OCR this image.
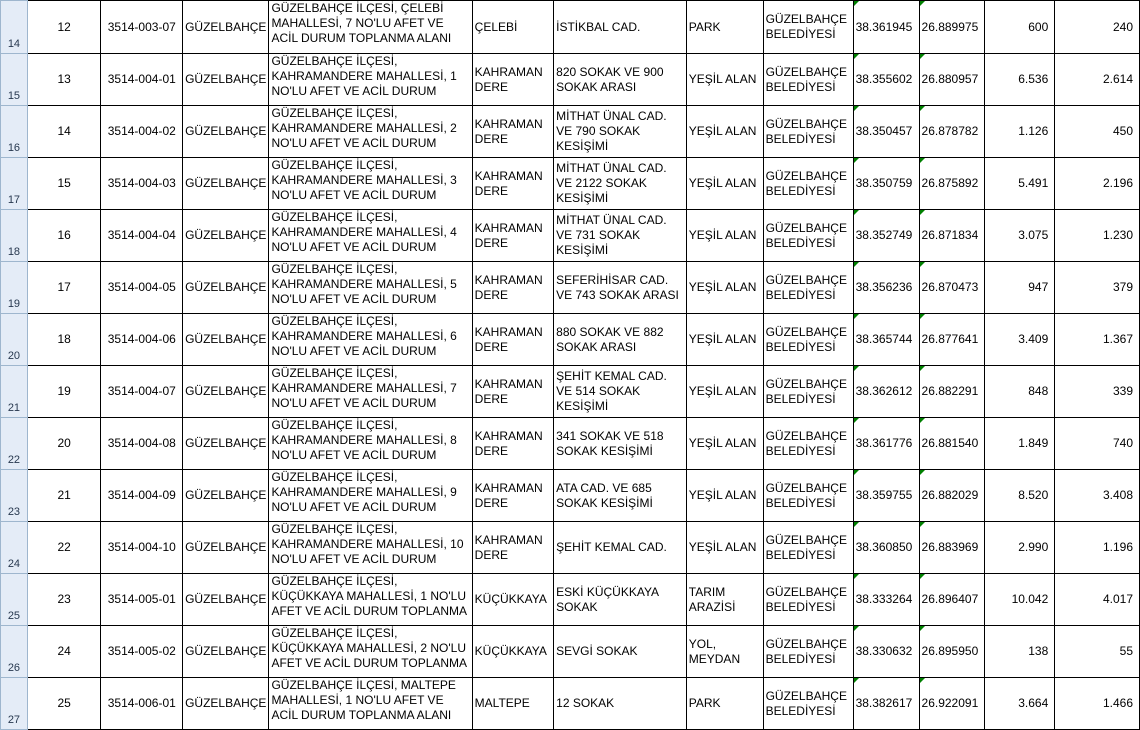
14	12	3514-003-07	GÜZELBAHÇE	GÜZELBAHÇE İLÇESİ, ÇELEBİ MAHALLESİ, 7 NO'LU AFET VE ACİL DURUM TOPLANMA ALANI	ÇELEBİ	İSTİKBAL CAD.	PARK	GÜZELBAHÇE BELEDİYESİ	38.361945	26.889975	600	240
15	13	3514-004-01	GÜZELBAHÇE	GÜZELBAHÇE İLÇESİ, KAHRAMANDERE MAHALLESİ, 1 NO'LU AFET VE ACİL DURUM	KAHRAMANDERE	820 SOKAK VE 900 SOKAK ARASI	YEŞİL ALAN	GÜZELBAHÇE BELEDİYESİ	38.355602	26.880957	6.536	2.614
16	14	3514-004-02	GÜZELBAHÇE	GÜZELBAHÇE İLÇESİ, KAHRAMANDERE MAHALLESİ, 2 NO'LU AFET VE ACİL DURUM	KAHRAMANDERE	MİTHAT ÜNAL CAD. VE 790 SOKAK KESİŞİMİ	YEŞİL ALAN	GÜZELBAHÇE BELEDİYESİ	38.350457	26.878782	1.126	450
17	15	3514-004-03	GÜZELBAHÇE	GÜZELBAHÇE İLÇESİ, KAHRAMANDERE MAHALLESİ, 3 NO'LU AFET VE ACİL DURUM	KAHRAMANDERE	MİTHAT ÜNAL CAD. VE 2122 SOKAK KESİŞİMİ	YEŞİL ALAN	GÜZELBAHÇE BELEDİYESİ	38.350759	26.875892	5.491	2.196
18	16	3514-004-04	GÜZELBAHÇE	GÜZELBAHÇE İLÇESİ, KAHRAMANDERE MAHALLESİ, 4 NO'LU AFET VE ACİL DURUM	KAHRAMANDERE	MİTHAT ÜNAL CAD. VE 731 SOKAK KESİŞİMİ	YEŞİL ALAN	GÜZELBAHÇE BELEDİYESİ	38.352749	26.871834	3.075	1.230
19	17	3514-004-05	GÜZELBAHÇE	GÜZELBAHÇE İLÇESİ, KAHRAMANDERE MAHALLESİ, 5 NO'LU AFET VE ACİL DURUM	KAHRAMANDERE	SEFERİHİSAR CAD. VE 743 SOKAK ARASI	YEŞİL ALAN	GÜZELBAHÇE BELEDİYESİ	38.356236	26.870473	947	379
20	18	3514-004-06	GÜZELBAHÇE	GÜZELBAHÇE İLÇESİ, KAHRAMANDERE MAHALLESİ, 6 NO'LU AFET VE ACİL DURUM	KAHRAMANDERE	880 SOKAK VE 882 SOKAK ARASI	YEŞİL ALAN	GÜZELBAHÇE BELEDİYESİ	38.365744	26.877641	3.409	1.367
21	19	3514-004-07	GÜZELBAHÇE	GÜZELBAHÇE İLÇESİ, KAHRAMANDERE MAHALLESİ, 7 NO'LU AFET VE ACİL DURUM	KAHRAMANDERE	ŞEHİT KEMAL CAD. VE 514 SOKAK KESİŞİMİ	YEŞİL ALAN	GÜZELBAHÇE BELEDİYESİ	38.362612	26.882291	848	339
22	20	3514-004-08	GÜZELBAHÇE	GÜZELBAHÇE İLÇESİ, KAHRAMANDERE MAHALLESİ, 8 NO'LU AFET VE ACİL DURUM	KAHRAMANDERE	341 SOKAK VE 518 SOKAK KESİŞİMİ	YEŞİL ALAN	GÜZELBAHÇE BELEDİYESİ	38.361776	26.881540	1.849	740
23	21	3514-004-09	GÜZELBAHÇE	GÜZELBAHÇE İLÇESİ, KAHRAMANDERE MAHALLESİ, 9 NO'LU AFET VE ACİL DURUM	KAHRAMANDERE	ATA CAD. VE 685 SOKAK KESİŞİMİ	YEŞİL ALAN	GÜZELBAHÇE BELEDİYESİ	38.359755	26.882029	8.520	3.408
24	22	3514-004-10	GÜZELBAHÇE	GÜZELBAHÇE İLÇESİ, KAHRAMANDERE MAHALLESİ, 10 NO'LU AFET VE ACİL DURUM	KAHRAMANDERE	ŞEHİT KEMAL CAD.	YEŞİL ALAN	GÜZELBAHÇE BELEDİYESİ	38.360850	26.883969	2.990	1.196
25	23	3514-005-01	GÜZELBAHÇE	GÜZELBAHÇE İLÇESİ, KÜÇÜKKAYA MAHALLESİ, 1 NO'LU AFET VE ACİL DURUM TOPLANMA	KÜÇÜKKAYA	ESKİ KÜÇÜKKAYA SOKAK	TARIM ARAZİSİ	GÜZELBAHÇE BELEDİYESİ	38.333264	26.896407	10.042	4.017
26	24	3514-005-02	GÜZELBAHÇE	GÜZELBAHÇE İLÇESİ, KÜÇÜKKAYA MAHALLESİ, 2 NO'LU AFET VE ACİL DURUM TOPLANMA	KÜÇÜKKAYA	SEVGİ SOKAK	YOL, MEYDAN	GÜZELBAHÇE BELEDİYESİ	38.330632	26.895950	138	55
27	25	3514-006-01	GÜZELBAHÇE	GÜZELBAHÇE İLÇESİ, MALTEPE MAHALLESİ, 1 NO'LU AFET VE ACİL DURUM TOPLANMA ALANI	MALTEPE	12 SOKAK	PARK	GÜZELBAHÇE BELEDİYESİ	38.382617	26.922091	3.664	1.466
